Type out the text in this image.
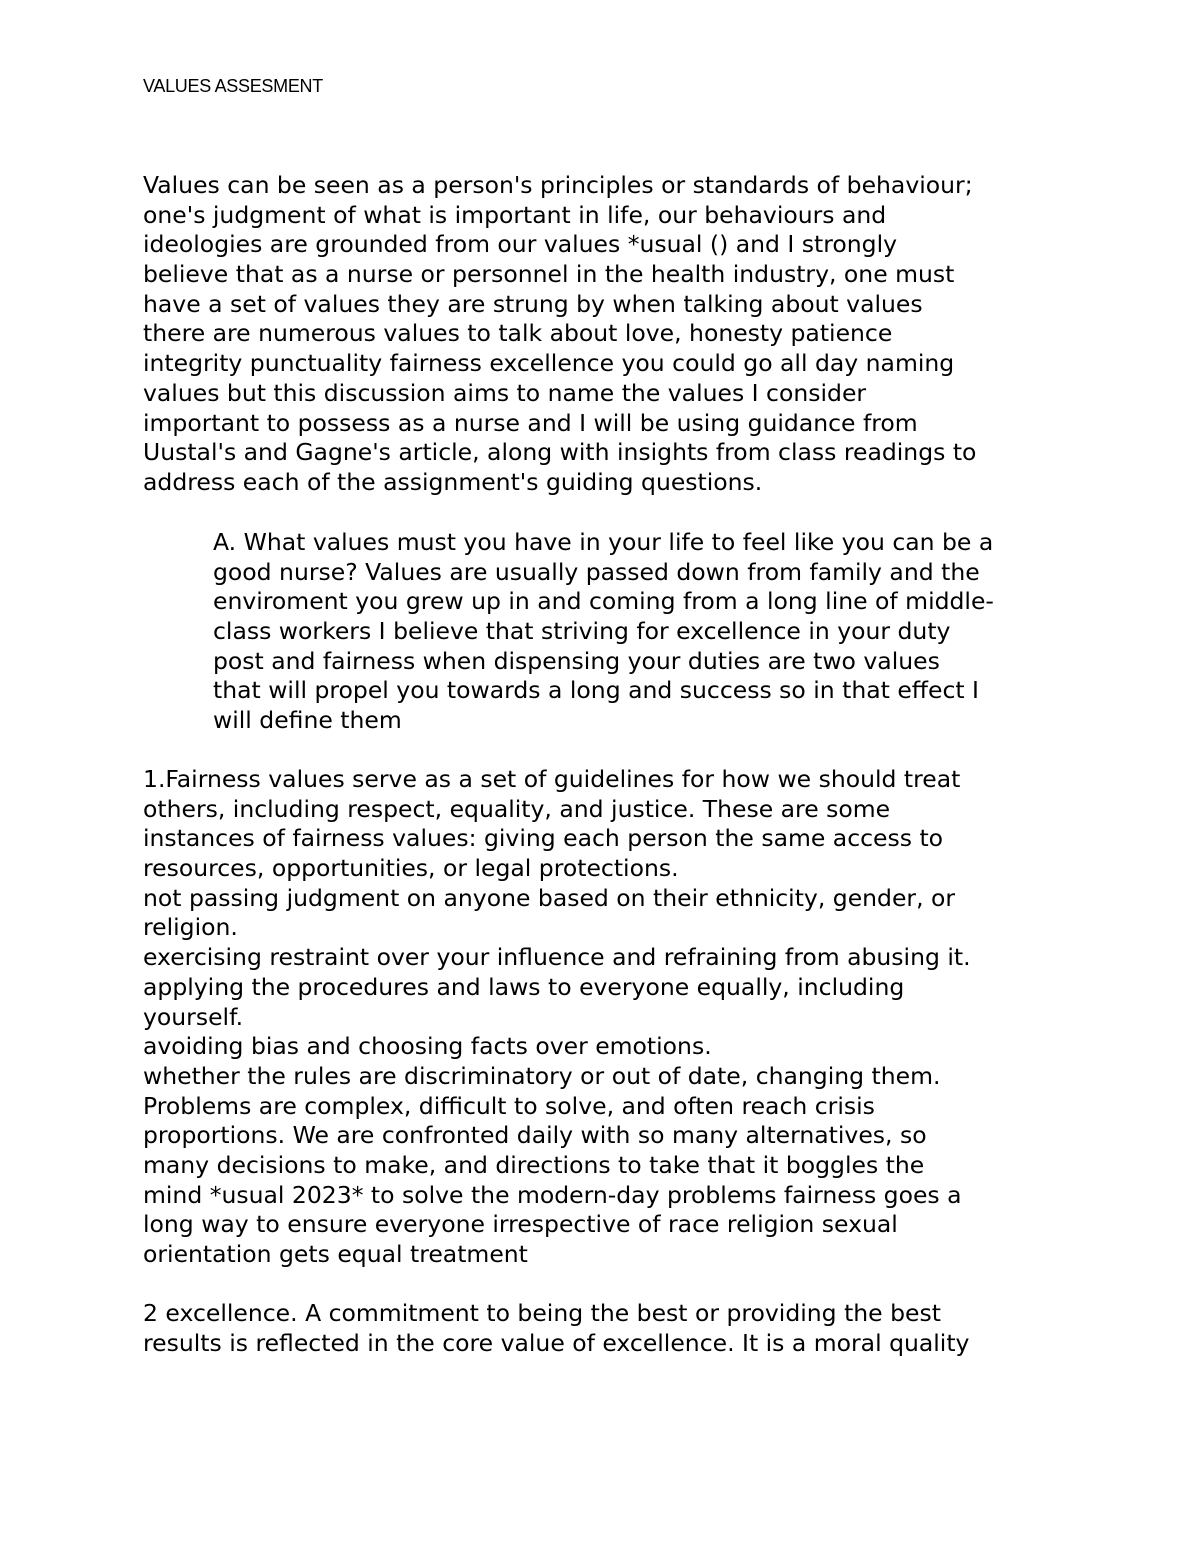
VALUES ASSESMENT
Values can be seen as a person's principles or standards of behaviour;
one's judgment of what is important in life, our behaviours and
ideologies are grounded from our values *usual () and I strongly
believe that as a nurse or personnel in the health industry, one must
have a set of values they are strung by when talking about values
there are numerous values to talk about love, honesty patience
integrity punctuality fairness excellence you could go all day naming
values but this discussion aims to name the values I consider
important to possess as a nurse and I will be using guidance from
Uustal's and Gagne's article, along with insights from class readings to
address each of the assignment's guiding questions.
A. What values must you have in your life to feel like you can be a
good nurse? Values are usually passed down from family and the
enviroment you grew up in and coming from a long line of middle-
class workers I believe that striving for excellence in your duty
post and fairness when dispensing your duties are two values
that will propel you towards a long and success so in that effect I
will define them
1.Fairness values serve as a set of guidelines for how we should treat
others, including respect, equality, and justice. These are some
instances of fairness values: giving each person the same access to
resources, opportunities, or legal protections.
not passing judgment on anyone based on their ethnicity, gender, or
religion.
exercising restraint over your influence and refraining from abusing it.
applying the procedures and laws to everyone equally, including
yourself.
avoiding bias and choosing facts over emotions.
whether the rules are discriminatory or out of date, changing them.
Problems are complex, difficult to solve, and often reach crisis
proportions. We are confronted daily with so many alternatives, so
many decisions to make, and directions to take that it boggles the
mind *usual 2023* to solve the modern-day problems fairness goes a
long way to ensure everyone irrespective of race religion sexual
orientation gets equal treatment
2 excellence. A commitment to being the best or providing the best
results is reflected in the core value of excellence. It is a moral quality
